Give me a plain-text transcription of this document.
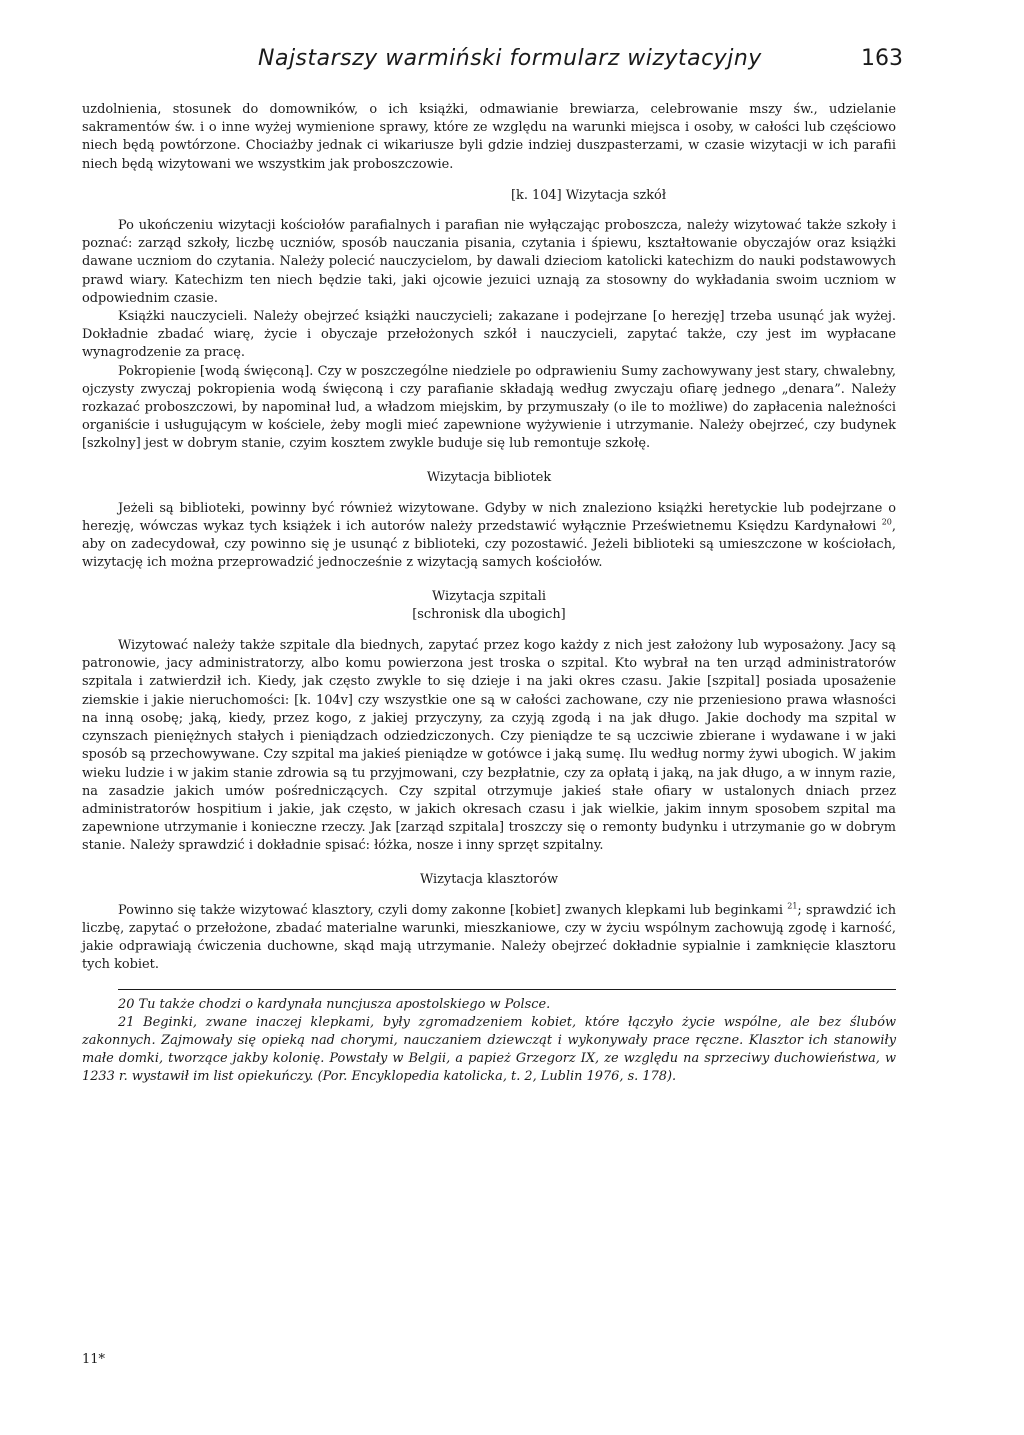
Najstarszy warmiński formularz wizytacyjny	163

uzdolnienia, stosunek do domowników, o ich książki, odmawianie brewiarza, celebrowanie mszy św., udzielanie sakramentów św. i o inne wyżej wymienione sprawy, które ze względu na warunki miejsca i osoby, w całości lub częściowo niech będą powtórzone. Chociażby jednak ci wikariusze byli gdzie indziej duszpasterzami, w czasie wizytacji w ich parafii niech będą wizytowani we wszystkim jak proboszczowie.

[k. 104] Wizytacja szkół

Po ukończeniu wizytacji kościołów parafialnych i parafian nie wyłączając proboszcza, należy wizytować także szkoły i poznać: zarząd szkoły, liczbę uczniów, sposób nauczania pisania, czytania i śpiewu, kształtowanie obyczajów oraz książki dawane uczniom do czytania. Należy polecić nauczycielom, by dawali dzieciom katolicki katechizm do nauki podstawowych prawd wiary. Katechizm ten niech będzie taki, jaki ojcowie jezuici uznają za stosowny do wykładania swoim uczniom w odpowiednim czasie.

Książki nauczycieli. Należy obejrzeć książki nauczycieli; zakazane i podejrzane [o herezję] trzeba usunąć jak wyżej. Dokładnie zbadać wiarę, życie i obyczaje przełożonych szkół i nauczycieli, zapytać także, czy jest im wypłacane wynagrodzenie za pracę.

Pokropienie [wodą święconą]. Czy w poszczególne niedziele po odprawieniu Sumy zachowywany jest stary, chwalebny, ojczysty zwyczaj pokropienia wodą święconą i czy parafianie składają według zwyczaju ofiarę jednego „denara”. Należy rozkazać proboszczowi, by napominał lud, a władzom miejskim, by przymuszały (o ile to możliwe) do zapłacenia należności organiście i usługującym w kościele, żeby mogli mieć zapewnione wyżywienie i utrzymanie. Należy obejrzeć, czy budynek [szkolny] jest w dobrym stanie, czyim kosztem zwykle buduje się lub remontuje szkołę.

Wizytacja bibliotek

Jeżeli są biblioteki, powinny być również wizytowane. Gdyby w nich znaleziono książki heretyckie lub podejrzane o herezję, wówczas wykaz tych książek i ich autorów należy przedstawić wyłącznie Prześwietnemu Księdzu Kardynałowi $^{20}$, aby on zadecydował, czy powinno się je usunąć z biblioteki, czy pozostawić. Jeżeli biblioteki są umieszczone w kościołach, wizytację ich można przeprowadzić jednocześnie z wizytacją samych kościołów.

Wizytacja szpitali
[schronisk dla ubogich]

Wizytować należy także szpitale dla biednych, zapytać przez kogo każdy z nich jest założony lub wyposażony. Jacy są patronowie, jacy administratorzy, albo komu powierzona jest troska o szpital. Kto wybrał na ten urząd administratorów szpitala i zatwierdził ich. Kiedy, jak często zwykle to się dzieje i na jaki okres czasu. Jakie [szpital] posiada uposażenie ziemskie i jakie nieruchomości: [k. 104v] czy wszystkie one są w całości zachowane, czy nie przeniesiono prawa własności na inną osobę; jaką, kiedy, przez kogo, z jakiej przyczyny, za czyją zgodą i na jak długo. Jakie dochody ma szpital w czynszach pieniężnych stałych i pieniądzach odziedziczonych. Czy pieniądze te są uczciwie zbierane i wydawane i w jaki sposób są przechowywane. Czy szpital ma jakieś pieniądze w gotówce i jaką sumę. Ilu według normy żywi ubogich. W jakim wieku ludzie i w jakim stanie zdrowia są tu przyjmowani, czy bezpłatnie, czy za opłatą i jaką, na jak długo, a w innym razie, na zasadzie jakich umów pośredniczących. Czy szpital otrzymuje jakieś stałe ofiary w ustalonych dniach przez administratorów hospitium i jakie, jak często, w jakich okresach czasu i jak wielkie, jakim innym sposobem szpital ma zapewnione utrzymanie i konieczne rzeczy. Jak [zarząd szpitala] troszczy się o remonty budynku i utrzymanie go w dobrym stanie. Należy sprawdzić i dokładnie spisać: łóżka, nosze i inny sprzęt szpitalny.

Wizytacja klasztorów

Powinno się także wizytować klasztory, czyli domy zakonne [kobiet] zwanych klepkami lub beginkami $^{21}$; sprawdzić ich liczbę, zapytać o przełożone, zbadać materialne warunki, mieszkaniowe, czy w życiu wspólnym zachowują zgodę i karność, jakie odprawiają ćwiczenia duchowne, skąd mają utrzymanie. Należy obejrzeć dokładnie sypialnie i zamknięcie klasztoru tych kobiet.

20 Tu także chodzi o kardynała nuncjusza apostolskiego w Polsce.

21 Beginki, zwane inaczej klepkami, były zgromadzeniem kobiet, które łączyło życie wspólne, ale bez ślubów zakonnych. Zajmowały się opieką nad chorymi, nauczaniem dziewcząt i wykonywały prace ręczne. Klasztor ich stanowiły małe domki, tworzące jakby kolonię. Powstały w Belgii, a papież Grzegorz IX, ze względu na sprzeciwy duchowieństwa, w 1233 r. wystawił im list opiekuńczy. (Por. Encyklopedia katolicka, t. 2, Lublin 1976, s. 178).

11*
